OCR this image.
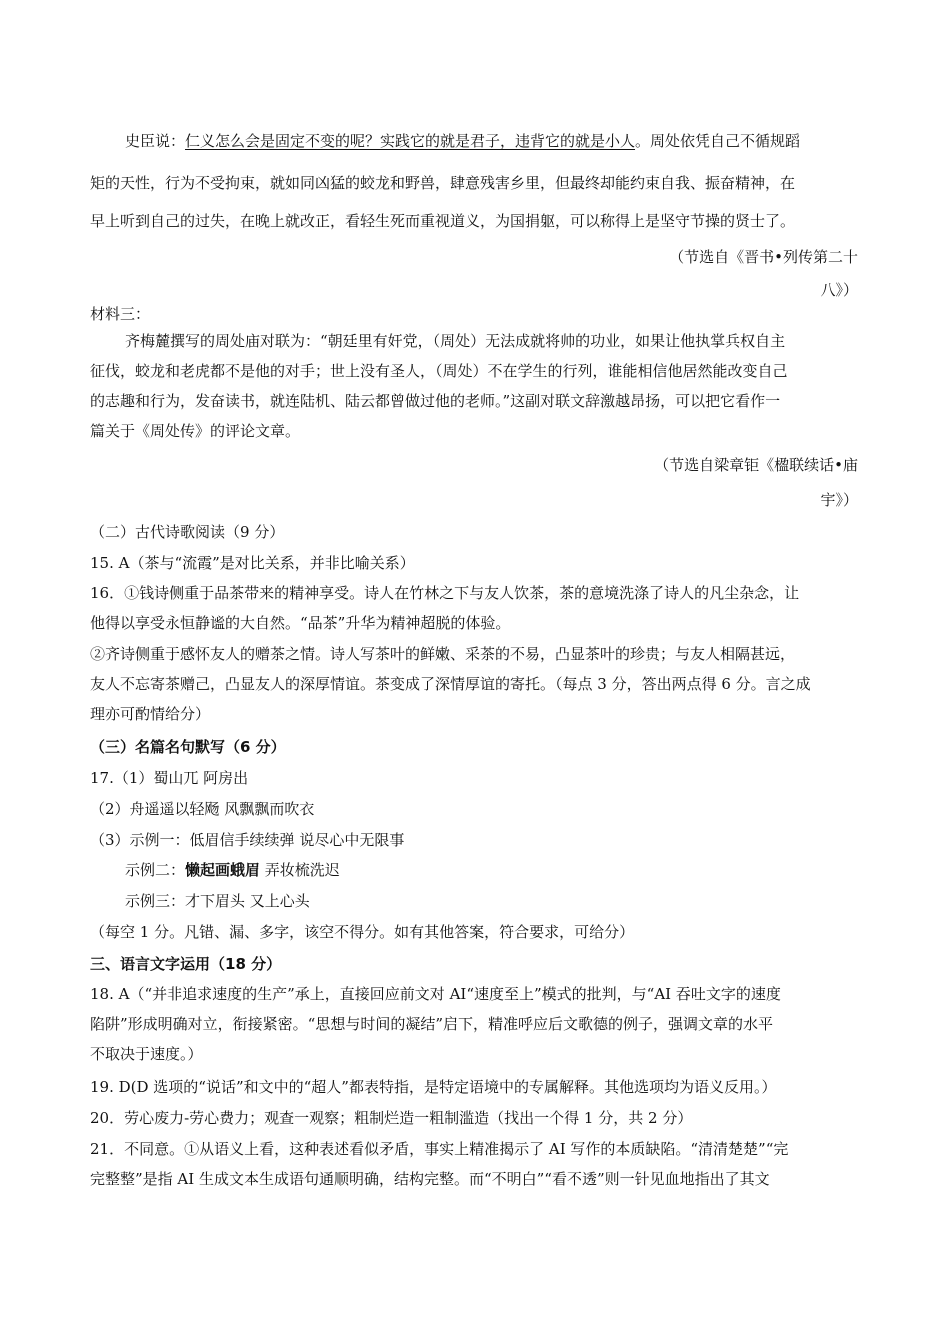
史臣说：仁义怎么会是固定不变的呢？实践它的就是君子，违背它的就是小人。周处依凭自己不循规蹈
矩的天性，行为不受拘束，就如同凶猛的蛟龙和野兽，肆意残害乡里，但最终却能约束自我、振奋精神，在
早上听到自己的过失，在晚上就改正，看轻生死而重视道义，为国捐躯，可以称得上是坚守节操的贤士了。
（节选自《晋书•列传第二十
八》）
材料三：
齐梅麓撰写的周处庙对联为：“朝廷里有奸党，（周处）无法成就将帅的功业，如果让他执掌兵权自主
征伐，蛟龙和老虎都不是他的对手；世上没有圣人，（周处）不在学生的行列，谁能相信他居然能改变自己
的志趣和行为，发奋读书，就连陆机、陆云都曾做过他的老师。”这副对联文辞激越昂扬，可以把它看作一
篇关于《周处传》的评论文章。
（节选自梁章钜《楹联续话•庙
宇》）
（二）古代诗歌阅读（9 分）
15. A（茶与“流霞”是对比关系，并非比喻关系）
16．①钱诗侧重于品茶带来的精神享受。诗人在竹林之下与友人饮茶，茶的意境洗涤了诗人的凡尘杂念，让
他得以享受永恒静谧的大自然。“品茶”升华为精神超脱的体验。
②齐诗侧重于感怀友人的赠茶之情。诗人写茶叶的鲜嫩、采茶的不易，凸显茶叶的珍贵；与友人相隔甚远，
友人不忘寄茶赠己，凸显友人的深厚情谊。茶变成了深情厚谊的寄托。（每点 3 分，答出两点得 6 分。言之成
理亦可酌情给分）
（三）名篇名句默写（6 分）
17.（1）蜀山兀 阿房出
（2）舟遥遥以轻飏 风飘飘而吹衣
（3）示例一：低眉信手续续弹 说尽心中无限事
示例二：懒起画蛾眉 弄妆梳洗迟
示例三：才下眉头 又上心头
（每空 1 分。凡错、漏、多字，该空不得分。如有其他答案，符合要求，可给分）
三、语言文字运用（18 分）
18. A（“并非追求速度的生产”承上，直接回应前文对 AI“速度至上”模式的批判，与“AI 吞吐文字的速度
陷阱”形成明确对立，衔接紧密。“思想与时间的凝结”启下，精准呼应后文歌德的例子，强调文章的水平
不取决于速度。）
19. D(D 选项的“说话”和文中的“超人”都表特指，是特定语境中的专属解释。其他选项均为语义反用。）
20．劳心废力-劳心费力；观查一观察；粗制烂造一粗制滥造（找出一个得 1 分，共 2 分）
21．不同意。①从语义上看，这种表述看似矛盾，事实上精准揭示了 AI 写作的本质缺陷。“清清楚楚”“完
完整整”是指 AI 生成文本生成语句通顺明确，结构完整。而“不明白”“看不透”则一针见血地指出了其文
